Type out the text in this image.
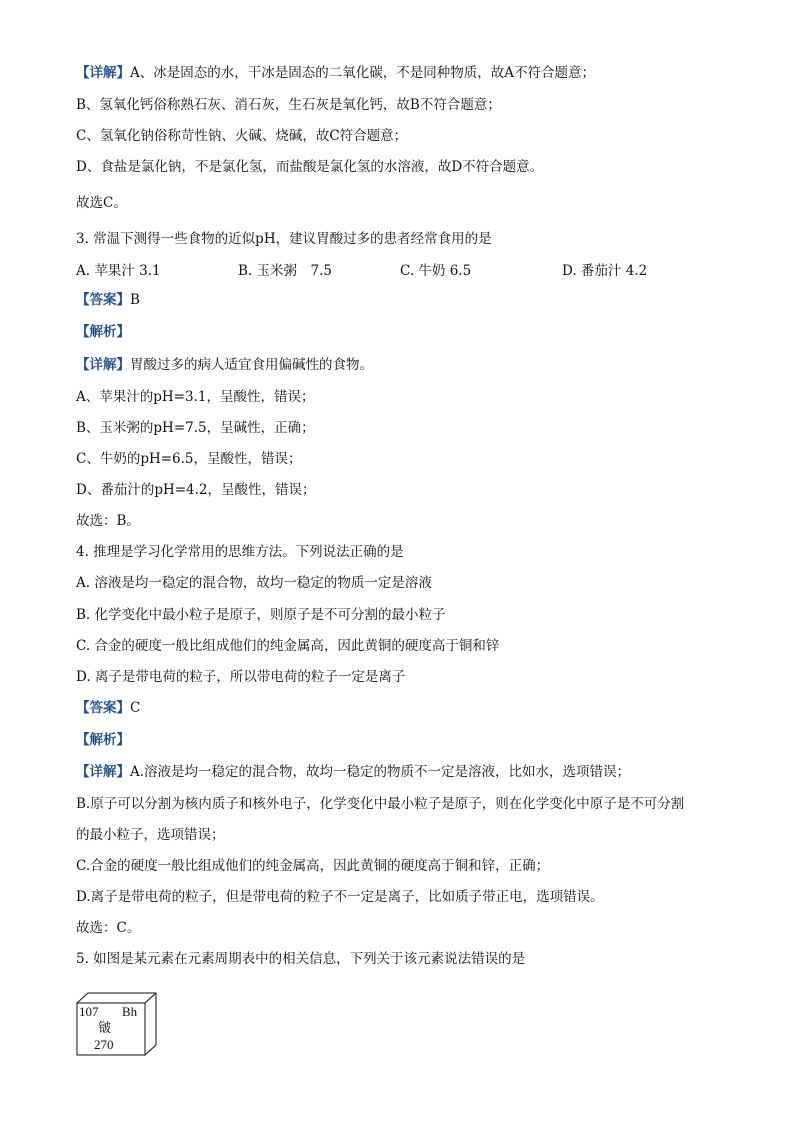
【详解】A、冰是固态的水，干冰是固态的二氧化碳，不是同种物质，故A不符合题意；
B、氢氧化钙俗称熟石灰、消石灰，生石灰是氧化钙，故B不符合题意；
C、氢氧化钠俗称苛性钠、火碱、烧碱，故C符合题意；
D、食盐是氯化钠，不是氯化氢，而盐酸是氯化氢的水溶液，故D不符合题意。
故选C。
3. 常温下测得一些食物的近似pH，建议胃酸过多的患者经常食用的是
A. 苹果汁 3.1	B. 玉米粥　7.5	C. 牛奶 6.5	D. 番茄汁 4.2
【答案】B
【解析】
【详解】胃酸过多的病人适宜食用偏碱性的食物。
A、苹果汁的pH=3.1，呈酸性，错误；
B、玉米粥的pH=7.5，呈碱性，正确；
C、牛奶的pH=6.5，呈酸性，错误；
D、番茄汁的pH=4.2，呈酸性，错误；
故选：B。
4. 推理是学习化学常用的思维方法。下列说法正确的是
A. 溶液是均一稳定的混合物，故均一稳定的物质一定是溶液
B. 化学变化中最小粒子是原子，则原子是不可分割的最小粒子
C. 合金的硬度一般比组成他们的纯金属高，因此黄铜的硬度高于铜和锌
D. 离子是带电荷的粒子，所以带电荷的粒子一定是离子
【答案】C
【解析】
【详解】A.溶液是均一稳定的混合物，故均一稳定的物质不一定是溶液，比如水，选项错误；
B.原子可以分割为核内质子和核外电子，化学变化中最小粒子是原子，则在化学变化中原子是不可分割
的最小粒子，选项错误；
C.合金的硬度一般比组成他们的纯金属高，因此黄铜的硬度高于铜和锌，正确；
D.离子是带电荷的粒子，但是带电荷的粒子不一定是离子，比如质子带正电，选项错误。
故选：C。
5. 如图是某元素在元素周期表中的相关信息，下列关于该元素说法错误的是
107 Bh
𬭛
270
